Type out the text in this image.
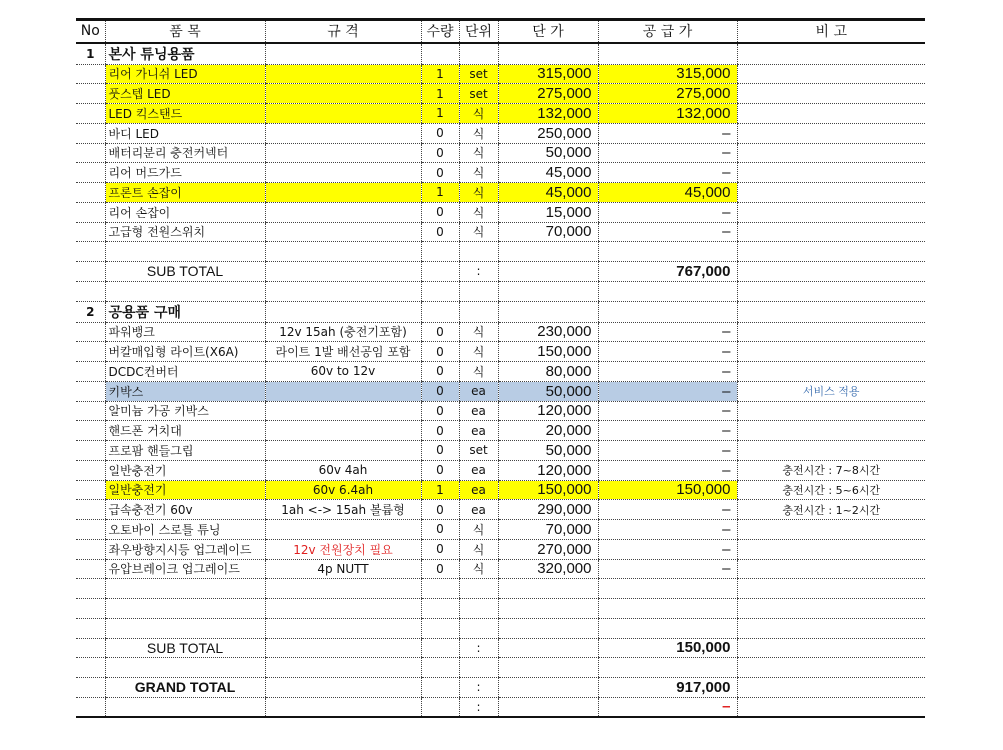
No	품 목	규 격	수량	단위	단 가	공 급 가	비 고
1	본사 튜닝용품						
	리어 가니쉬 LED		1	set	315,000	315,000	
	풋스텝 LED		1	set	275,000	275,000	
	LED 킥스탠드		1	식	132,000	132,000	
	바디 LED		0	식	250,000	–	
	배터리분리 충전커넥터		0	식	50,000	–	
	리어 머드가드		0	식	45,000	–	
	프론트 손잡이		1	식	45,000	45,000	
	리어 손잡이		0	식	15,000	–	
	고급형 전원스위치		0	식	70,000	–	

	SUB TOTAL			:		767,000	

2	공용품 구매						
	파워뱅크	12v 15ah (충전기포함)	0	식	230,000	–	
	버칼매입형 라이트(X6A)	라이트 1발 배선공임 포함	0	식	150,000	–	
	DCDC컨버터	60v to 12v	0	식	80,000	–	
	키박스		0	ea	50,000	–	서비스 적용
	알미늄 가공 키박스		0	ea	120,000	–	
	핸드폰 거치대		0	ea	20,000	–	
	프로팜 핸들그립		0	set	50,000	–	
	일반충전기	60v 4ah	0	ea	120,000	–	충전시간 : 7~8시간
	일반충전기	60v 6.4ah	1	ea	150,000	150,000	충전시간 : 5~6시간
	급속충전기 60v	1ah <-> 15ah 볼륨형	0	ea	290,000	–	충전시간 : 1~2시간
	오토바이 스로틀 튜닝		0	식	70,000	–	
	좌우방향지시등 업그레이드	12v 전원장치 필요	0	식	270,000	–	
	유압브레이크 업그레이드	4p NUTT	0	식	320,000	–	

	SUB TOTAL			:		150,000	

	GRAND TOTAL			:		917,000	
				:		–	
